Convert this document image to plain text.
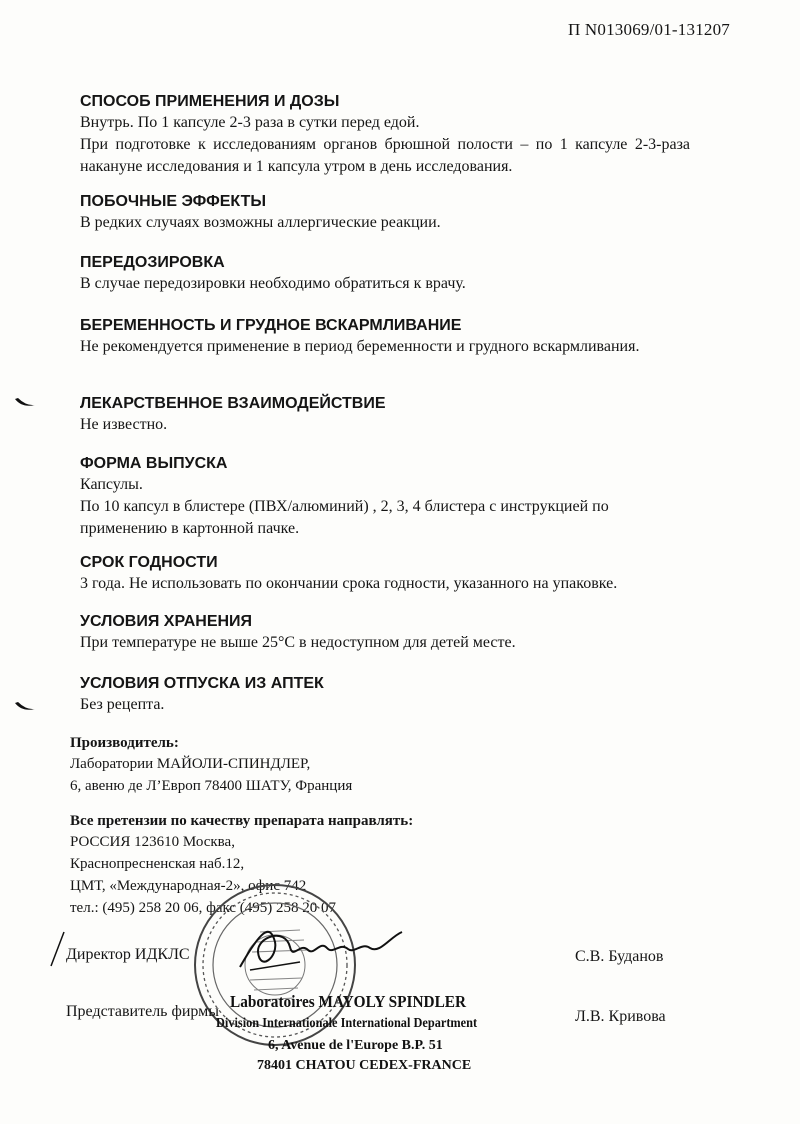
П N013069/01-131207
СПОСОБ ПРИМЕНЕНИЯ И ДОЗЫ

Внутрь. По 1 капсуле 2-3 раза в сутки перед едой.

При подготовке к исследованиям органов брюшной полости – по 1 капсуле 2-3-раза накануне исследования и 1 капсула утром в день исследования.

ПОБОЧНЫЕ ЭФФЕКТЫ

В редких случаях возможны аллергические реакции.

ПЕРЕДОЗИРОВКА

В случае передозировки необходимо обратиться к врачу.

БЕРЕМЕННОСТЬ И ГРУДНОЕ ВСКАРМЛИВАНИЕ

Не рекомендуется применение в период беременности и грудного вскармливания.

ЛЕКАРСТВЕННОЕ ВЗАИМОДЕЙСТВИЕ

Не известно.

ФОРМА ВЫПУСКА

Капсулы.

По 10 капсул в блистере (ПВХ/алюминий) , 2, 3, 4 блистера с инструкцией по применению в картонной пачке.

СРОК ГОДНОСТИ

3 года. Не использовать по окончании срока годности, указанного на упаковке.

УСЛОВИЯ ХРАНЕНИЯ

При температуре не выше 25°С в недоступном для детей месте.

УСЛОВИЯ ОТПУСКА ИЗ АПТЕК

Без рецепта.

Производитель:

Лаборатории МАЙОЛИ-СПИНДЛЕР,

6, авеню де Л’Европ 78400 ШАТУ, Франция

Все претензии по качеству препарата направлять:

РОССИЯ 123610 Москва,

Краснопресненская наб.12,

ЦМТ, «Международная-2», офис 742

тел.: (495) 258 20 06, факс (495) 258 20 07

Директор ИДКЛС	С.В. Буданов
Представитель фирмы	Л.В. Кривова
Laboratoires MAYOLY SPINDLER
Division Internationale International Department
6, Avenue de l'Europe B.P. 51
78401 CHATOU CEDEX-FRANCE
